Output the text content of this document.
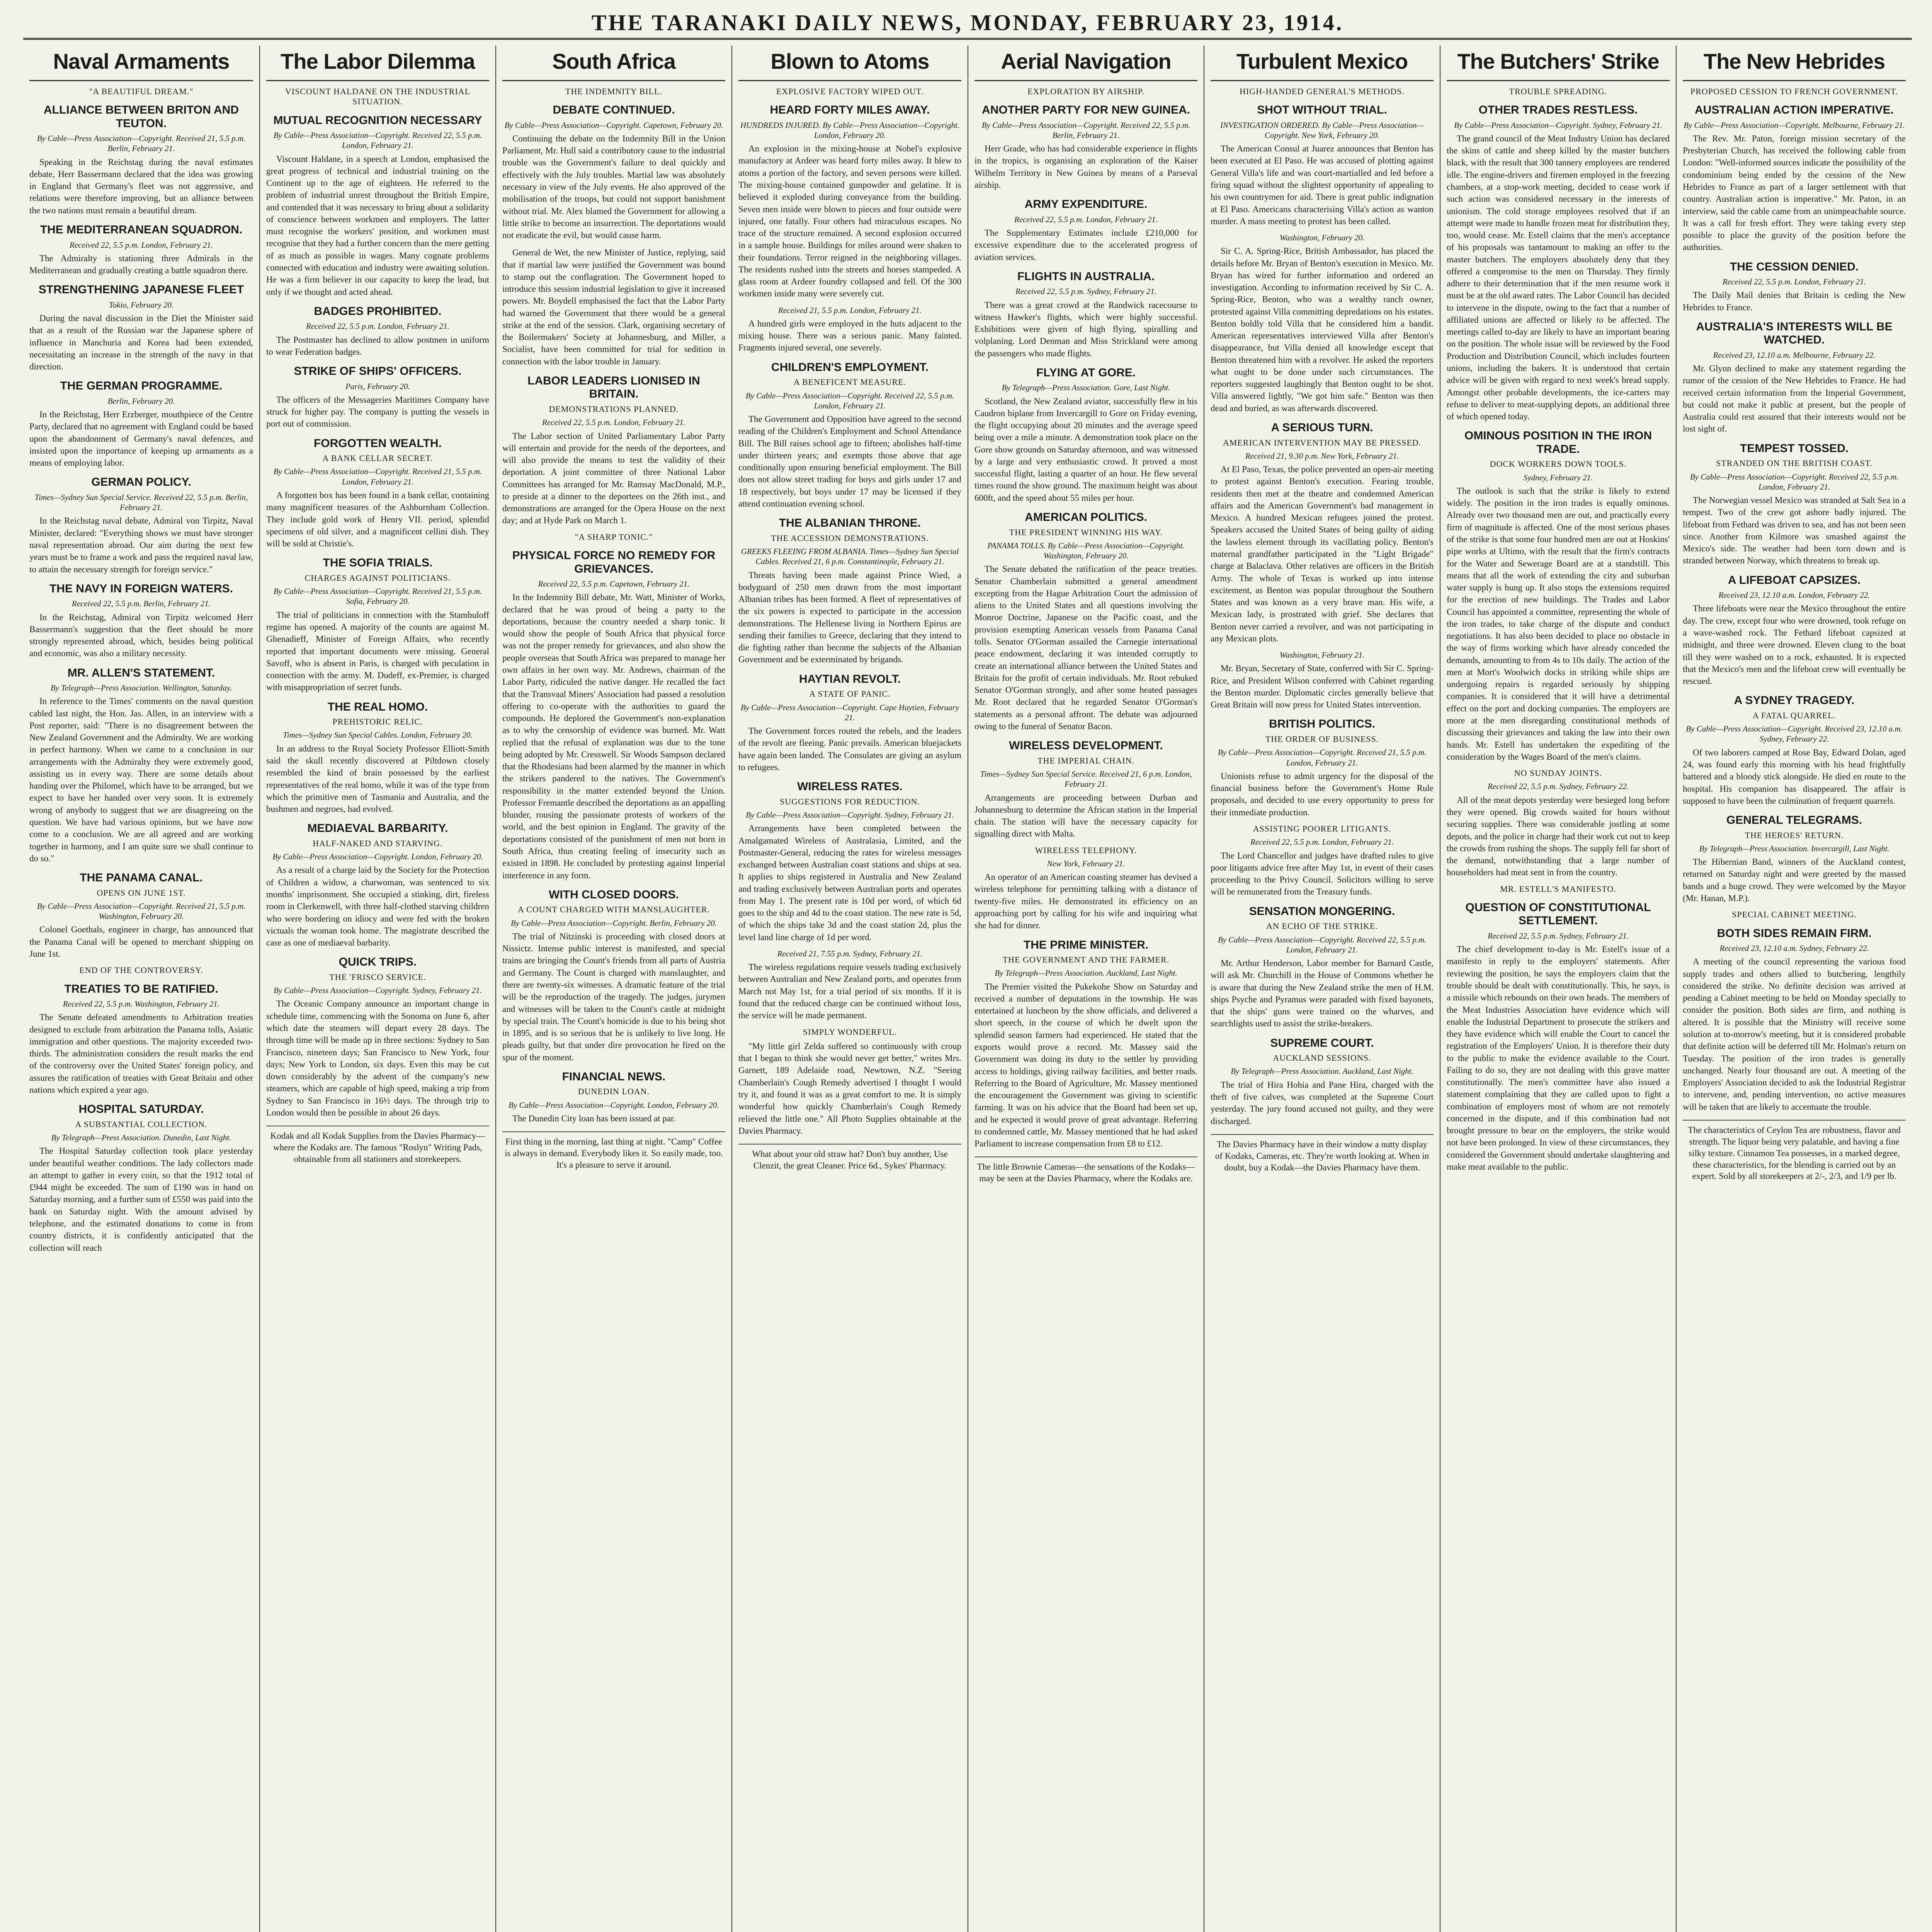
THE TARANAKI DAILY NEWS, MONDAY, FEBRUARY 23, 1914.
Naval Armaments
"A BEAUTIFUL DREAM."
ALLIANCE BETWEEN BRITON AND TEUTON.
By Cable—Press Association—Copyright. Received 21, 5.5 p.m. Berlin, February 21.
Speaking in the Reichstag during the naval estimates debate, Herr Bassermann declared that the idea was growing in England that Germany's fleet was not aggressive, and relations were therefore improving, but an alliance between the two nations must remain a beautiful dream.
THE MEDITERRANEAN SQUADRON.
Received 22, 5.5 p.m. London, February 21.
The Admiralty is stationing three Admirals in the Mediterranean and gradually creating a battle squadron there.
STRENGTHENING JAPANESE FLEET
Tokio, February 20.
During the naval discussion in the Diet the Minister said that as a result of the Russian war the Japanese sphere of influence in Manchuria and Korea had been extended, necessitating an increase in the strength of the navy in that direction.
THE GERMAN PROGRAMME.
Berlin, February 20.
In the Reichstag, Herr Erzberger, mouthpiece of the Centre Party, declared that no agreement with England could be based upon the abandonment of Germany's naval defences, and insisted upon the importance of keeping up armaments as a means of employing labor.
GERMAN POLICY.
Times—Sydney Sun Special Service. Received 22, 5.5 p.m. Berlin, February 21.
In the Reichstag naval debate, Admiral von Tirpitz, Naval Minister, declared: "Everything shows we must have stronger naval representation abroad. Our aim during the next few years must be to frame a work and pass the required naval law, to attain the necessary strength for foreign service."
THE NAVY IN FOREIGN WATERS.
Received 22, 5.5 p.m. Berlin, February 21.
In the Reichstag, Admiral von Tirpitz welcomed Herr Bassermann's suggestion that the fleet should be more strongly represented abroad, which, besides being political and economic, was also a military necessity.
MR. ALLEN'S STATEMENT.
By Telegraph—Press Association. Wellington, Saturday.
In reference to the Times' comments on the naval question cabled last night, the Hon. Jas. Allen, in an interview with a Post reporter, said: "There is no disagreement between the New Zealand Government and the Admiralty. We are working in perfect harmony. When we came to a conclusion in our arrangements with the Admiralty they were extremely good, assisting us in every way. There are some details about handing over the Philomel, which have to be arranged, but we expect to have her handed over very soon. It is extremely wrong of anybody to suggest that we are disagreeing on the question. We have had various opinions, but we have now come to a conclusion. We are all agreed and are working together in harmony, and I am quite sure we shall continue to do so."
THE PANAMA CANAL.
OPENS ON JUNE 1ST.
By Cable—Press Association—Copyright. Received 21, 5.5 p.m. Washington, February 20.
Colonel Goethals, engineer in charge, has announced that the Panama Canal will be opened to merchant shipping on June 1st.
END OF THE CONTROVERSY.
TREATIES TO BE RATIFIED.
Received 22, 5.5 p.m. Washington, February 21.
The Senate defeated amendments to Arbitration treaties designed to exclude from arbitration the Panama tolls, Asiatic immigration and other questions. The majority exceeded two-thirds. The administration considers the result marks the end of the controversy over the United States' foreign policy, and assures the ratification of treaties with Great Britain and other nations which expired a year ago.
HOSPITAL SATURDAY.
A SUBSTANTIAL COLLECTION.
By Telegraph—Press Association. Dunedin, Last Night.
The Hospital Saturday collection took place yesterday under beautiful weather conditions. The lady collectors made an attempt to gather in every coin, so that the 1912 total of £944 might be exceeded. The sum of £190 was in hand on Saturday morning, and a further sum of £550 was paid into the bank on Saturday night. With the amount advised by telephone, and the estimated donations to come in from country districts, it is confidently anticipated that the collection will reach
The Labor Dilemma
VISCOUNT HALDANE ON THE INDUSTRIAL SITUATION.
MUTUAL RECOGNITION NECESSARY
By Cable—Press Association—Copyright. Received 22, 5.5 p.m. London, February 21.
Viscount Haldane, in a speech at London, emphasised the great progress of technical and industrial training on the Continent up to the age of eighteen. He referred to the problem of industrial unrest throughout the British Empire, and contended that it was necessary to bring about a solidarity of conscience between workmen and employers. The latter must recognise the workers' position, and workmen must recognise that they had a further concern than the mere getting of as much as possible in wages. Many cognate problems connected with education and industry were awaiting solution. He was a firm believer in our capacity to keep the lead, but only if we thought and acted ahead.
BADGES PROHIBITED.
Received 22, 5.5 p.m. London, February 21.
The Postmaster has declined to allow postmen in uniform to wear Federation badges.
STRIKE OF SHIPS' OFFICERS.
Paris, February 20.
The officers of the Messageries Maritimes Company have struck for higher pay. The company is putting the vessels in port out of commission.
FORGOTTEN WEALTH.
A BANK CELLAR SECRET.
By Cable—Press Association—Copyright. Received 21, 5.5 p.m. London, February 21.
A forgotten box has been found in a bank cellar, containing many magnificent treasures of the Ashburnham Collection. They include gold work of Henry VII. period, splendid specimens of old silver, and a magnificent cellini dish. They will be sold at Christie's.
THE SOFIA TRIALS.
CHARGES AGAINST POLITICIANS.
By Cable—Press Association—Copyright. Received 21, 5.5 p.m. Sofia, February 20.
The trial of politicians in connection with the Stambuloff regime has opened. A majority of the counts are against M. Ghenadieff, Minister of Foreign Affairs, who recently reported that important documents were missing. General Savoff, who is absent in Paris, is charged with peculation in connection with the army. M. Dudeff, ex-Premier, is charged with misappropriation of secret funds.
THE REAL HOMO.
PREHISTORIC RELIC.
Times—Sydney Sun Special Cables. London, February 20.
In an address to the Royal Society Professor Elliott-Smith said the skull recently discovered at Piltdown closely resembled the kind of brain possessed by the earliest representatives of the real homo, while it was of the type from which the primitive men of Tasmania and Australia, and the bushmen and negroes, had evolved.
MEDIAEVAL BARBARITY.
HALF-NAKED AND STARVING.
By Cable—Press Association—Copyright. London, February 20.
As a result of a charge laid by the Society for the Protection of Children a widow, a charwoman, was sentenced to six months' imprisonment. She occupied a stinking, dirt, fireless room in Clerkenwell, with three half-clothed starving children who were bordering on idiocy and were fed with the broken victuals the woman took home. The magistrate described the case as one of mediaeval barbarity.
QUICK TRIPS.
THE 'FRISCO SERVICE.
By Cable—Press Association—Copyright. Sydney, February 21.
The Oceanic Company announce an important change in schedule time, commencing with the Sonoma on June 6, after which date the steamers will depart every 28 days. The through time will be made up in three sections: Sydney to San Francisco, nineteen days; San Francisco to New York, four days; New York to London, six days. Even this may be cut down considerably by the advent of the company's new steamers, which are capable of high speed, making a trip from Sydney to San Francisco in 16½ days. The through trip to London would then be possible in about 26 days.
Kodak and all Kodak Supplies from the Davies Pharmacy—where the Kodaks are. The famous "Roslyn" Writing Pads, obtainable from all stationers and storekeepers.
South Africa
THE INDEMNITY BILL.
DEBATE CONTINUED.
By Cable—Press Association—Copyright. Capetown, February 20.
Continuing the debate on the Indemnity Bill in the Union Parliament, Mr. Hull said a contributory cause to the industrial trouble was the Government's failure to deal quickly and effectively with the July troubles. Martial law was absolutely necessary in view of the July events. He also approved of the mobilisation of the troops, but could not support banishment without trial. Mr. Alex blamed the Government for allowing a little strike to become an insurrection. The deportations would not eradicate the evil, but would cause harm.
General de Wet, the new Minister of Justice, replying, said that if martial law were justified the Government was bound to stamp out the conflagration. The Government hoped to introduce this session industrial legislation to give it increased powers. Mr. Boydell emphasised the fact that the Labor Party had warned the Government that there would be a general strike at the end of the session. Clark, organising secretary of the Boilermakers' Society at Johannesburg, and Miller, a Socialist, have been committed for trial for sedition in connection with the labor trouble in January.
LABOR LEADERS LIONISED IN BRITAIN.
DEMONSTRATIONS PLANNED.
Received 22, 5.5 p.m. London, February 21.
The Labor section of United Parliamentary Labor Party will entertain and provide for the needs of the deportees, and will also provide the means to test the validity of their deportation. A joint committee of three National Labor Committees has arranged for Mr. Ramsay MacDonald, M.P., to preside at a dinner to the deportees on the 26th inst., and demonstrations are arranged for the Opera House on the next day; and at Hyde Park on March 1.
"A SHARP TONIC."
PHYSICAL FORCE NO REMEDY FOR GRIEVANCES.
Received 22, 5.5 p.m. Capetown, February 21.
In the Indemnity Bill debate, Mr. Watt, Minister of Works, declared that he was proud of being a party to the deportations, because the country needed a sharp tonic. It would show the people of South Africa that physical force was not the proper remedy for grievances, and also show the people overseas that South Africa was prepared to manage her own affairs in her own way. Mr. Andrews, chairman of the Labor Party, ridiculed the native danger. He recalled the fact that the Transvaal Miners' Association had passed a resolution offering to co-operate with the authorities to guard the compounds. He deplored the Government's non-explanation as to why the censorship of evidence was burned. Mr. Watt replied that the refusal of explanation was due to the tone being adopted by Mr. Cresswell. Sir Woods Sampson declared that the Rhodesians had been alarmed by the manner in which the strikers pandered to the natives. The Government's responsibility in the matter extended beyond the Union. Professor Fremantle described the deportations as an appalling blunder, rousing the passionate protests of workers of the world, and the best opinion in England. The gravity of the deportations consisted of the punishment of men not born in South Africa, thus creating feeling of insecurity such as existed in 1898. He concluded by protesting against Imperial interference in any form.
WITH CLOSED DOORS.
A COUNT CHARGED WITH MANSLAUGHTER.
By Cable—Press Association—Copyright. Berlin, February 20.
The trial of Nitzinski is proceeding with closed doors at Nissictz. Intense public interest is manifested, and special trains are bringing the Count's friends from all parts of Austria and Germany. The Count is charged with manslaughter, and there are twenty-six witnesses. A dramatic feature of the trial will be the reproduction of the tragedy. The judges, jurymen and witnesses will be taken to the Count's castle at midnight by special train. The Count's homicide is due to his being shot in 1895, and is so serious that he is unlikely to live long. He pleads guilty, but that under dire provocation he fired on the spur of the moment.
FINANCIAL NEWS.
DUNEDIN LOAN.
By Cable—Press Association—Copyright. London, February 20.
The Dunedin City loan has been issued at par.
First thing in the morning, last thing at night. "Camp" Coffee is always in demand. Everybody likes it. So easily made, too. It's a pleasure to serve it around.
Blown to Atoms
EXPLOSIVE FACTORY WIPED OUT.
HEARD FORTY MILES AWAY.
HUNDREDS INJURED. By Cable—Press Association—Copyright. London, February 20.
An explosion in the mixing-house at Nobel's explosive manufactory at Ardeer was heard forty miles away. It blew to atoms a portion of the factory, and seven persons were killed. The mixing-house contained gunpowder and gelatine. It is believed it exploded during conveyance from the building. Seven men inside were blown to pieces and four outside were injured, one fatally. Four others had miraculous escapes. No trace of the structure remained. A second explosion occurred in a sample house. Buildings for miles around were shaken to their foundations. Terror reigned in the neighboring villages. The residents rushed into the streets and horses stampeded. A glass room at Ardeer foundry collapsed and fell. Of the 300 workmen inside many were severely cut.
Received 21, 5.5 p.m. London, February 21.
A hundred girls were employed in the huts adjacent to the mixing house. There was a serious panic. Many fainted. Fragments injured several, one severely.
CHILDREN'S EMPLOYMENT.
A BENEFICENT MEASURE.
By Cable—Press Association—Copyright. Received 22, 5.5 p.m. London, February 21.
The Government and Opposition have agreed to the second reading of the Children's Employment and School Attendance Bill. The Bill raises school age to fifteen; abolishes half-time under thirteen years; and exempts those above that age conditionally upon ensuring beneficial employment. The Bill does not allow street trading for boys and girls under 17 and 18 respectively, but boys under 17 may be licensed if they attend continuation evening school.
THE ALBANIAN THRONE.
THE ACCESSION DEMONSTRATIONS.
GREEKS FLEEING FROM ALBANIA. Times—Sydney Sun Special Cables. Received 21, 6 p.m. Constantinople, February 21.
Threats having been made against Prince Wied, a bodyguard of 250 men drawn from the most important Albanian tribes has been formed. A fleet of representatives of the six powers is expected to participate in the accession demonstrations. The Hellenese living in Northern Epirus are sending their families to Greece, declaring that they intend to die fighting rather than become the subjects of the Albanian Government and be exterminated by brigands.
HAYTIAN REVOLT.
A STATE OF PANIC.
By Cable—Press Association—Copyright. Cape Haytien, February 21.
The Government forces routed the rebels, and the leaders of the revolt are fleeing. Panic prevails. American bluejackets have again been landed. The Consulates are giving an asylum to refugees.
WIRELESS RATES.
SUGGESTIONS FOR REDUCTION.
By Cable—Press Association—Copyright. Sydney, February 21.
Arrangements have been completed between the Amalgamated Wireless of Australasia, Limited, and the Postmaster-General, reducing the rates for wireless messages exchanged between Australian coast stations and ships at sea. It applies to ships registered in Australia and New Zealand and trading exclusively between Australian ports and operates from May 1. The present rate is 10d per word, of which 6d goes to the ship and 4d to the coast station. The new rate is 5d, of which the ships take 3d and the coast station 2d, plus the level land line charge of 1d per word.
Received 21, 7.55 p.m. Sydney, February 21.
The wireless regulations require vessels trading exclusively between Australian and New Zealand ports, and operates from March not May 1st, for a trial period of six months. If it is found that the reduced charge can be continued without loss, the service will be made permanent.
SIMPLY WONDERFUL.
"My little girl Zelda suffered so continuously with croup that I began to think she would never get better," writes Mrs. Garnett, 189 Adelaide road, Newtown, N.Z. "Seeing Chamberlain's Cough Remedy advertised I thought I would try it, and found it was as a great comfort to me. It is simply wonderful how quickly Chamberlain's Cough Remedy relieved the little one." All Photo Supplies obtainable at the Davies Pharmacy.
What about your old straw hat? Don't buy another, Use Clenzit, the great Cleaner. Price 6d., Sykes' Pharmacy.
Aerial Navigation
EXPLORATION BY AIRSHIP.
ANOTHER PARTY FOR NEW GUINEA.
By Cable—Press Association—Copyright. Received 22, 5.5 p.m. Berlin, February 21.
Herr Grade, who has had considerable experience in flights in the tropics, is organising an exploration of the Kaiser Wilhelm Territory in New Guinea by means of a Parseval airship.
ARMY EXPENDITURE.
Received 22, 5.5 p.m. London, February 21.
The Supplementary Estimates include £210,000 for excessive expenditure due to the accelerated progress of aviation services.
FLIGHTS IN AUSTRALIA.
Received 22, 5.5 p.m. Sydney, February 21.
There was a great crowd at the Randwick racecourse to witness Hawker's flights, which were highly successful. Exhibitions were given of high flying, spiralling and volplaning. Lord Denman and Miss Strickland were among the passengers who made flights.
FLYING AT GORE.
By Telegraph—Press Association. Gore, Last Night.
Scotland, the New Zealand aviator, successfully flew in his Caudron biplane from Invercargill to Gore on Friday evening, the flight occupying about 20 minutes and the average speed being over a mile a minute. A demonstration took place on the Gore show grounds on Saturday afternoon, and was witnessed by a large and very enthusiastic crowd. It proved a most successful flight, lasting a quarter of an hour. He flew several times round the show ground. The maximum height was about 600ft, and the speed about 55 miles per hour.
AMERICAN POLITICS.
THE PRESIDENT WINNING HIS WAY.
PANAMA TOLLS. By Cable—Press Association—Copyright. Washington, February 20.
The Senate debated the ratification of the peace treaties. Senator Chamberlain submitted a general amendment excepting from the Hague Arbitration Court the admission of aliens to the United States and all questions involving the Monroe Doctrine, Japanese on the Pacific coast, and the provision exempting American vessels from Panama Canal tolls. Senator O'Gorman assailed the Carnegie international peace endowment, declaring it was intended corruptly to create an international alliance between the United States and Britain for the profit of certain individuals. Mr. Root rebuked Senator O'Gorman strongly, and after some heated passages Mr. Root declared that he regarded Senator O'Gorman's statements as a personal affront. The debate was adjourned owing to the funeral of Senator Bacon.
WIRELESS DEVELOPMENT.
THE IMPERIAL CHAIN.
Times—Sydney Sun Special Service. Received 21, 6 p.m. London, February 21.
Arrangements are proceeding between Durban and Johannesburg to determine the African station in the Imperial chain. The station will have the necessary capacity for signalling direct with Malta.
WIRELESS TELEPHONY.
New York, February 21.
An operator of an American coasting steamer has devised a wireless telephone for permitting talking with a distance of twenty-five miles. He demonstrated its efficiency on an approaching port by calling for his wife and inquiring what she had for dinner.
THE PRIME MINISTER.
THE GOVERNMENT AND THE FARMER.
By Telegraph—Press Association. Auckland, Last Night.
The Premier visited the Pukekohe Show on Saturday and received a number of deputations in the township. He was entertained at luncheon by the show officials, and delivered a short speech, in the course of which he dwelt upon the splendid season farmers had experienced. He stated that the exports would prove a record. Mr. Massey said the Government was doing its duty to the settler by providing access to holdings, giving railway facilities, and better roads. Referring to the Board of Agriculture, Mr. Massey mentioned the encouragement the Government was giving to scientific farming. It was on his advice that the Board had been set up, and he expected it would prove of great advantage. Referring to condemned cattle, Mr. Massey mentioned that he had asked Parliament to increase compensation from £8 to £12.
The little Brownie Cameras—the sensations of the Kodaks—may be seen at the Davies Pharmacy, where the Kodaks are.
Turbulent Mexico
HIGH-HANDED GENERAL'S METHODS.
SHOT WITHOUT TRIAL.
INVESTIGATION ORDERED. By Cable—Press Association—Copyright. New York, February 20.
The American Consul at Juarez announces that Benton has been executed at El Paso. He was accused of plotting against General Villa's life and was court-martialled and led before a firing squad without the slightest opportunity of appealing to his own countrymen for aid. There is great public indignation at El Paso. Americans characterising Villa's action as wanton murder. A mass meeting to protest has been called.
Washington, February 20.
Sir C. A. Spring-Rice, British Ambassador, has placed the details before Mr. Bryan of Benton's execution in Mexico. Mr. Bryan has wired for further information and ordered an investigation. According to information received by Sir C. A. Spring-Rice, Benton, who was a wealthy ranch owner, protested against Villa committing depredations on his estates. Benton boldly told Villa that he considered him a bandit. American representatives interviewed Villa after Benton's disappearance, but Villa denied all knowledge except that Benton threatened him with a revolver. He asked the reporters what ought to be done under such circumstances. The reporters suggested laughingly that Benton ought to be shot. Villa answered lightly, "We got him safe." Benton was then dead and buried, as was afterwards discovered.
A SERIOUS TURN.
AMERICAN INTERVENTION MAY BE PRESSED.
Received 21, 9.30 p.m. New York, February 21.
At El Paso, Texas, the police prevented an open-air meeting to protest against Benton's execution. Fearing trouble, residents then met at the theatre and condemned American affairs and the American Government's bad management in Mexico. A hundred Mexican refugees joined the protest. Speakers accused the United States of being guilty of aiding the lawless element through its vacillating policy. Benton's maternal grandfather participated in the "Light Brigade" charge at Balaclava. Other relatives are officers in the British Army. The whole of Texas is worked up into intense excitement, as Benton was popular throughout the Southern States and was known as a very brave man. His wife, a Mexican lady, is prostrated with grief. She declares that Benton never carried a revolver, and was not participating in any Mexican plots.
Washington, February 21.
Mr. Bryan, Secretary of State, conferred with Sir C. Spring-Rice, and President Wilson conferred with Cabinet regarding the Benton murder. Diplomatic circles generally believe that Great Britain will now press for United States intervention.
BRITISH POLITICS.
THE ORDER OF BUSINESS.
By Cable—Press Association—Copyright. Received 21, 5.5 p.m. London, February 21.
Unionists refuse to admit urgency for the disposal of the financial business before the Government's Home Rule proposals, and decided to use every opportunity to press for their immediate production.
ASSISTING POORER LITIGANTS.
Received 22, 5.5 p.m. London, February 21.
The Lord Chancellor and judges have drafted rules to give poor litigants advice free after May 1st, in event of their cases proceeding to the Privy Council. Solicitors willing to serve will be remunerated from the Treasury funds.
SENSATION MONGERING.
AN ECHO OF THE STRIKE.
By Cable—Press Association—Copyright. Received 22, 5.5 p.m. London, February 21.
Mr. Arthur Henderson, Labor member for Barnard Castle, will ask Mr. Churchill in the House of Commons whether he is aware that during the New Zealand strike the men of H.M. ships Psyche and Pyramus were paraded with fixed bayonets, that the ships' guns were trained on the wharves, and searchlights used to assist the strike-breakers.
SUPREME COURT.
AUCKLAND SESSIONS.
By Telegraph—Press Association. Auckland, Last Night.
The trial of Hira Hohia and Pane Hira, charged with the theft of five calves, was completed at the Supreme Court yesterday. The jury found accused not guilty, and they were discharged.
The Davies Pharmacy have in their window a nutty display of Kodaks, Cameras, etc. They're worth looking at. When in doubt, buy a Kodak—the Davies Pharmacy have them.
The Butchers' Strike
TROUBLE SPREADING.
OTHER TRADES RESTLESS.
By Cable—Press Association—Copyright. Sydney, February 21.
The grand council of the Meat Industry Union has declared the skins of cattle and sheep killed by the master butchers black, with the result that 300 tannery employees are rendered idle. The engine-drivers and firemen employed in the freezing chambers, at a stop-work meeting, decided to cease work if such action was considered necessary in the interests of unionism. The cold storage employees resolved that if an attempt were made to handle frozen meat for distribution they, too, would cease. Mr. Estell claims that the men's acceptance of his proposals was tantamount to making an offer to the master butchers. The employers absolutely deny that they offered a compromise to the men on Thursday. They firmly adhere to their determination that if the men resume work it must be at the old award rates. The Labor Council has decided to intervene in the dispute, owing to the fact that a number of affiliated unions are affected or likely to be affected. The meetings called to-day are likely to have an important bearing on the position. The whole issue will be reviewed by the Food Production and Distribution Council, which includes fourteen unions, including the bakers. It is understood that certain advice will be given with regard to next week's bread supply. Amongst other probable developments, the ice-carters may refuse to deliver to meat-supplying depots, an additional three of which opened today.
OMINOUS POSITION IN THE IRON TRADE.
DOCK WORKERS DOWN TOOLS.
Sydney, February 21.
The outlook is such that the strike is likely to extend widely. The position in the iron trades is equally ominous. Already over two thousand men are out, and practically every firm of magnitude is affected. One of the most serious phases of the strike is that some four hundred men are out at Hoskins' pipe works at Ultimo, with the result that the firm's contracts for the Water and Sewerage Board are at a standstill. This means that all the work of extending the city and suburban water supply is hung up. It also stops the extensions required for the erection of new buildings. The Trades and Labor Council has appointed a committee, representing the whole of the iron trades, to take charge of the dispute and conduct negotiations. It has also been decided to place no obstacle in the way of firms working which have already conceded the demands, amounting to from 4s to 10s daily. The action of the men at Mort's Woolwich docks in striking while ships are undergoing repairs is regarded seriously by shipping companies. It is considered that it will have a detrimental effect on the port and docking companies. The employers are more at the men disregarding constitutional methods of discussing their grievances and taking the law into their own hands. Mr. Estell has undertaken the expediting of the consideration by the Wages Board of the men's claims.
NO SUNDAY JOINTS.
Received 22, 5.5 p.m. Sydney, February 22.
All of the meat depots yesterday were besieged long before they were opened. Big crowds waited for hours without securing supplies. There was considerable jostling at some depots, and the police in charge had their work cut out to keep the crowds from rushing the shops. The supply fell far short of the demand, notwithstanding that a large number of householders had meat sent in from the country.
MR. ESTELL'S MANIFESTO.
QUESTION OF CONSTITUTIONAL SETTLEMENT.
Received 22, 5.5 p.m. Sydney, February 21.
The chief development to-day is Mr. Estell's issue of a manifesto in reply to the employers' statements. After reviewing the position, he says the employers claim that the trouble should be dealt with constitutionally. This, he says, is a missile which rebounds on their own heads. The members of the Meat Industries Association have evidence which will enable the Industrial Department to prosecute the strikers and they have evidence which will enable the Court to cancel the registration of the Employers' Union. It is therefore their duty to the public to make the evidence available to the Court. Failing to do so, they are not dealing with this grave matter constitutionally. The men's committee have also issued a statement complaining that they are called upon to fight a combination of employers most of whom are not remotely concerned in the dispute, and if this combination had not brought pressure to bear on the employers, the strike would not have been prolonged. In view of these circumstances, they considered the Government should undertake slaughtering and make meat available to the public.
The New Hebrides
PROPOSED CESSION TO FRENCH GOVERNMENT.
AUSTRALIAN ACTION IMPERATIVE.
By Cable—Press Association—Copyright. Melbourne, February 21.
The Rev. Mr. Paton, foreign mission secretary of the Presbyterian Church, has received the following cable from London: "Well-informed sources indicate the possibility of the condominium being ended by the cession of the New Hebrides to France as part of a larger settlement with that country. Australian action is imperative." Mr. Paton, in an interview, said the cable came from an unimpeachable source. It was a call for fresh effort. They were taking every step possible to place the gravity of the position before the authorities.
THE CESSION DENIED.
Received 22, 5.5 p.m. London, February 21.
The Daily Mail denies that Britain is ceding the New Hebrides to France.
AUSTRALIA'S INTERESTS WILL BE WATCHED.
Received 23, 12.10 a.m. Melbourne, February 22.
Mr. Glynn declined to make any statement regarding the rumor of the cession of the New Hebrides to France. He had received certain information from the Imperial Government, but could not make it public at present, but the people of Australia could rest assured that their interests would not be lost sight of.
TEMPEST TOSSED.
STRANDED ON THE BRITISH COAST.
By Cable—Press Association—Copyright. Received 22, 5.5 p.m. London, February 21.
The Norwegian vessel Mexico was stranded at Salt Sea in a tempest. Two of the crew got ashore badly injured. The lifeboat from Fethard was driven to sea, and has not been seen since. Another from Kilmore was smashed against the Mexico's side. The weather had been torn down and is stranded between Norway, which threatens to break up.
A LIFEBOAT CAPSIZES.
Received 23, 12.10 a.m. London, February 22.
Three lifeboats were near the Mexico throughout the entire day. The crew, except four who were drowned, took refuge on a wave-washed rock. The Fethard lifeboat capsized at midnight, and three were drowned. Eleven clung to the boat till they were washed on to a rock, exhausted. It is expected that the Mexico's men and the lifeboat crew will eventually be rescued.
A SYDNEY TRAGEDY.
A FATAL QUARREL.
By Cable—Press Association—Copyright. Received 23, 12.10 a.m. Sydney, February 22.
Of two laborers camped at Rose Bay, Edward Dolan, aged 24, was found early this morning with his head frightfully battered and a bloody stick alongside. He died en route to the hospital. His companion has disappeared. The affair is supposed to have been the culmination of frequent quarrels.
GENERAL TELEGRAMS.
THE HEROES' RETURN.
By Telegraph—Press Association. Invercargill, Last Night.
The Hibernian Band, winners of the Auckland contest, returned on Saturday night and were greeted by the massed bands and a huge crowd. They were welcomed by the Mayor (Mr. Hanan, M.P.).
SPECIAL CABINET MEETING.
BOTH SIDES REMAIN FIRM.
Received 23, 12.10 a.m. Sydney, February 22.
A meeting of the council representing the various food supply trades and others allied to butchering, lengthily considered the strike. No definite decision was arrived at pending a Cabinet meeting to be held on Monday specially to consider the position. Both sides are firm, and nothing is altered. It is possible that the Ministry will receive some solution at to-morrow's meeting, but it is considered probable that definite action will be deferred till Mr. Holman's return on Tuesday. The position of the iron trades is generally unchanged. Nearly four thousand are out. A meeting of the Employers' Association decided to ask the Industrial Registrar to intervene, and, pending intervention, no active measures will be taken that are likely to accentuate the trouble.
The characteristics of Ceylon Tea are robustness, flavor and strength. The liquor being very palatable, and having a fine silky texture. Cinnamon Tea possesses, in a marked degree, these characteristics, for the blending is carried out by an expert. Sold by all storekeepers at 2/-, 2/3, and 1/9 per lb.
